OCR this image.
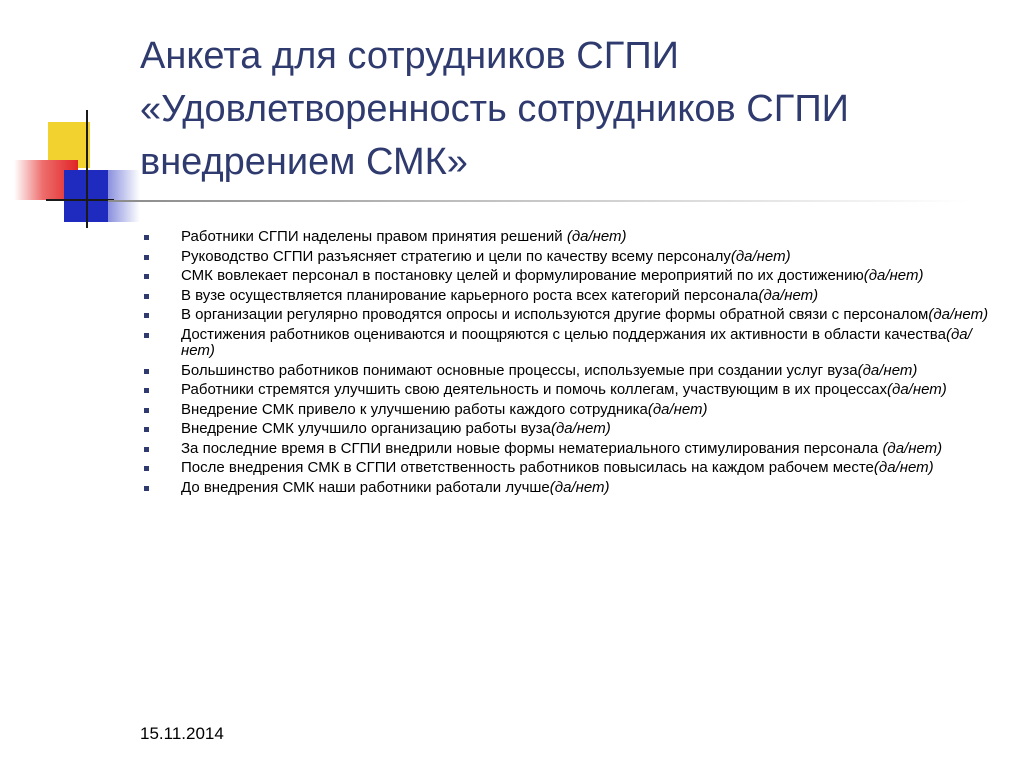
Анкета для сотрудников СГПИ
«Удовлетворенность сотрудников СГПИ
внедрением СМК»
Работники СГПИ наделены правом принятия решений (да/нет)
Руководство СГПИ разъясняет стратегию и цели по качеству всему персоналу(да/нет)
СМК вовлекает персонал в постановку целей и формулирование мероприятий по их достижению(да/нет)
В вузе осуществляется планирование карьерного роста всех категорий персонала(да/нет)
В организации регулярно проводятся опросы и используются другие формы обратной связи с персоналом(да/нет)
Достижения работников оцениваются и поощряются с целью поддержания их активности в области качества(да/нет)
Большинство работников понимают основные процессы, используемые при создании услуг вуза(да/нет)
Работники стремятся улучшить свою деятельность и помочь коллегам, участвующим в их процессах(да/нет)
Внедрение СМК привело к улучшению работы каждого сотрудника(да/нет)
Внедрение СМК улучшило организацию работы вуза(да/нет)
За последние время в СГПИ внедрили новые формы нематериального стимулирования персонала (да/нет)
После внедрения СМК в СГПИ ответственность работников повысилась на каждом рабочем месте(да/нет)
До внедрения СМК наши работники работали лучше(да/нет)
15.11.2014
